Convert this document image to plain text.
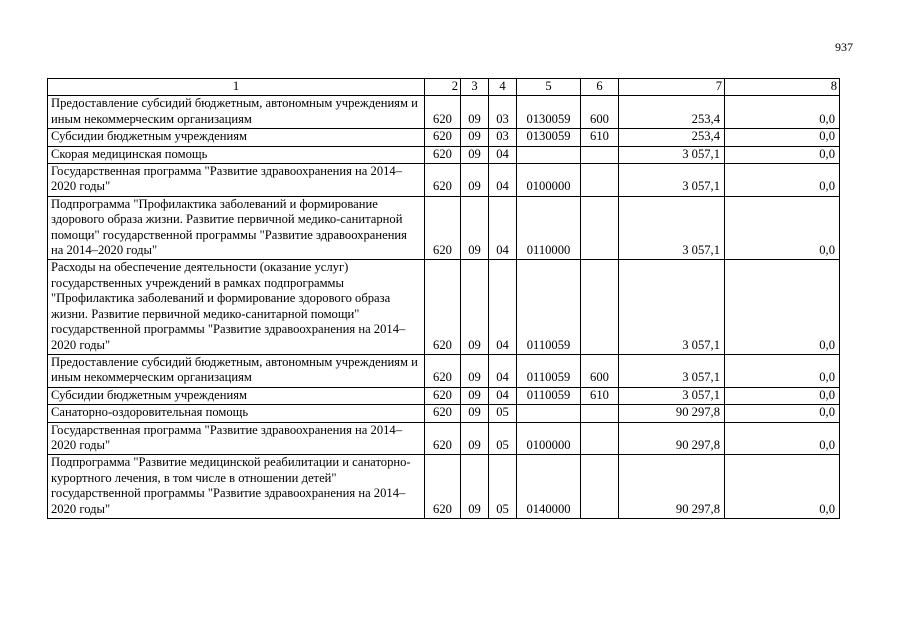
937
1	2	3	4	5	6	7	8
Предоставление субсидий бюджетным, автономным учреждениям и иным некоммерческим организациям	620	09	03	0130059	600	253,4	0,0
Субсидии бюджетным учреждениям	620	09	03	0130059	610	253,4	0,0
Скорая медицинская помощь	620	09	04			3 057,1	0,0
Государственная программа "Развитие здравоохранения на 2014–2020 годы"	620	09	04	0100000		3 057,1	0,0
Подпрограмма "Профилактика заболеваний и формирование здорового образа жизни. Развитие первичной медико-санитарной помощи" государственной программы "Развитие здравоохранения на 2014–2020 годы"	620	09	04	0110000		3 057,1	0,0
Расходы на обеспечение деятельности (оказание услуг) государственных учреждений в рамках подпрограммы "Профилактика заболеваний и формирование здорового образа жизни. Развитие первичной медико-санитарной помощи" государственной программы "Развитие здравоохранения на 2014–2020 годы"	620	09	04	0110059		3 057,1	0,0
Предоставление субсидий бюджетным, автономным учреждениям и иным некоммерческим организациям	620	09	04	0110059	600	3 057,1	0,0
Субсидии бюджетным учреждениям	620	09	04	0110059	610	3 057,1	0,0
Санаторно-оздоровительная помощь	620	09	05			90 297,8	0,0
Государственная программа "Развитие здравоохранения на 2014–2020 годы"	620	09	05	0100000		90 297,8	0,0
Подпрограмма "Развитие медицинской реабилитации и санаторно-курортного лечения, в том числе в отношении детей" государственной программы "Развитие здравоохранения на 2014–2020 годы"	620	09	05	0140000		90 297,8	0,0
